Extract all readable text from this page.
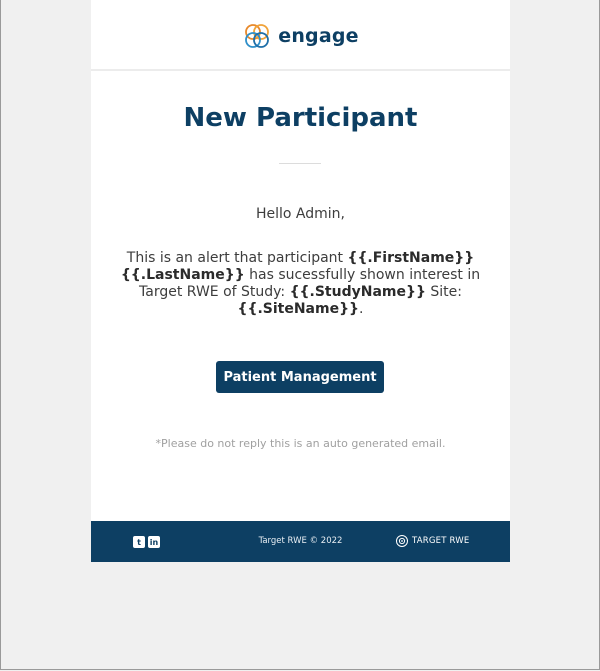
engage
New Participant
Hello Admin,
This is an alert that participant {{.FirstName}}
{{.LastName}} has sucessfully shown interest in Target RWE of Study: {{.StudyName}} Site: {{.SiteName}}.
Patient Management
*Please do not reply this is an auto generated email.
t	in	Target RWE © 2022	TARGET RWE
